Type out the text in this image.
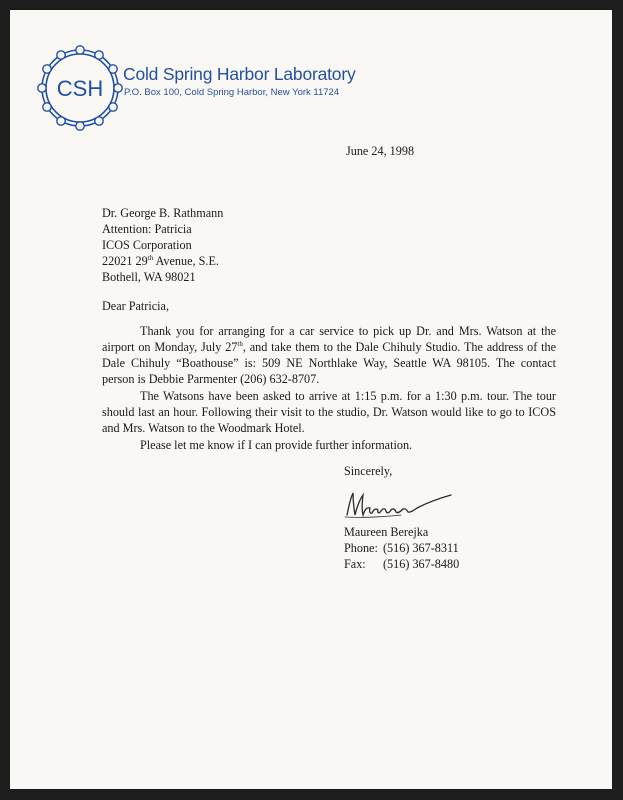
CSH
Cold Spring Harbor Laboratory
P.O. Box 100, Cold Spring Harbor, New York 11724
June 24, 1998
Dr. George B. Rathmann
Attention: Patricia
ICOS Corporation
22021 29th Avenue, S.E.
Bothell, WA 98021
Dear Patricia,
Thank you for arranging for a car service to pick up Dr. and Mrs. Watson at the airport on Monday, July 27th, and take them to the Dale Chihuly Studio. The address of the Dale Chihuly “Boathouse” is: 509 NE Northlake Way, Seattle WA 98105. The contact person is Debbie Parmenter (206) 632-8707.
The Watsons have been asked to arrive at 1:15 p.m. for a 1:30 p.m. tour. The tour should last an hour. Following their visit to the studio, Dr. Watson would like to go to ICOS and Mrs. Watson to the Woodmark Hotel.
Please let me know if I can provide further information.
Sincerely,
Maureen Berejka
Phone: (516) 367-8311
Fax: (516) 367-8480
